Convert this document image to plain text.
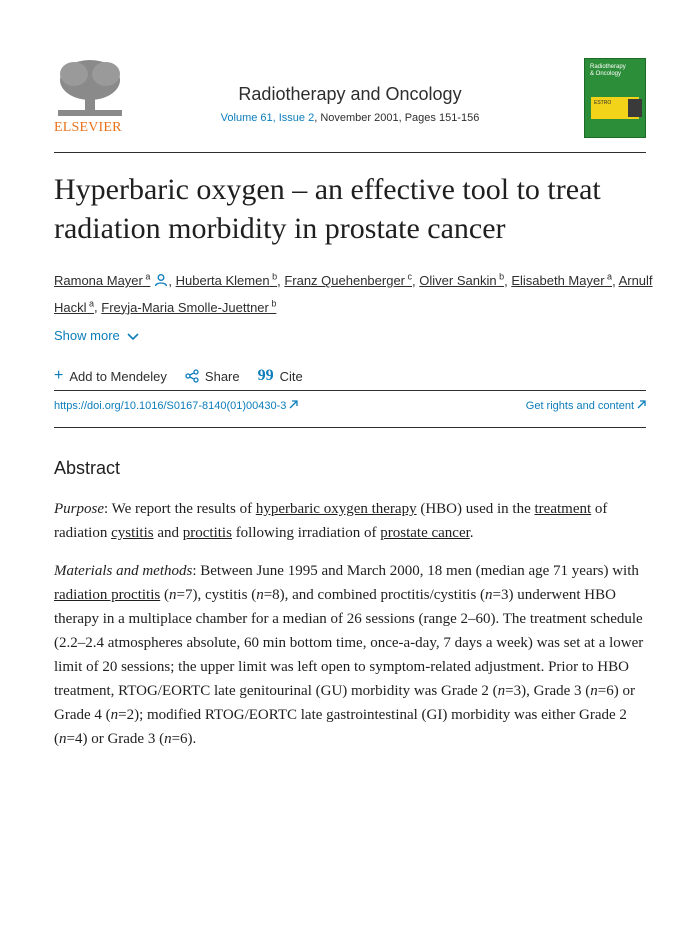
ELSEVIER
Radiotherapy and Oncology
Volume 61, Issue 2, November 2001, Pages 151-156
Radiotherapy
& Oncology
ESTRO
Hyperbaric oxygen – an effective tool to treat radiation morbidity in prostate cancer
Ramona Mayer $^a$ , Huberta Klemen $^b$, Franz Quehenberger $^c$, Oliver Sankin $^b$, Elisabeth Mayer $^a$, Arnulf Hackl $^a$, Freyja-Maria Smolle-Juettner $^b$
Show more
+ Add to Mendeley	Share 99 Cite
https://doi.org/10.1016/S0167-8140(01)00430-3	Get rights and content
Abstract

Purpose: We report the results of hyperbaric oxygen therapy (HBO) used in the treatment of radiation cystitis and proctitis following irradiation of prostate cancer.

Materials and methods: Between June 1995 and March 2000, 18 men (median age 71 years) with radiation proctitis (n=7), cystitis (n=8), and combined proctitis/cystitis (n=3) underwent HBO therapy in a multiplace chamber for a median of 26 sessions (range 2–60). The treatment schedule (2.2–2.4 atmospheres absolute, 60 min bottom time, once-a-day, 7 days a week) was set at a lower limit of 20 sessions; the upper limit was left open to symptom-related adjustment. Prior to HBO treatment, RTOG/EORTC late genitourinal (GU) morbidity was Grade 2 (n=3), Grade 3 (n=6) or Grade 4 (n=2); modified RTOG/EORTC late gastrointestinal (GI) morbidity was either Grade 2 (n=4) or Grade 3 (n=6).
